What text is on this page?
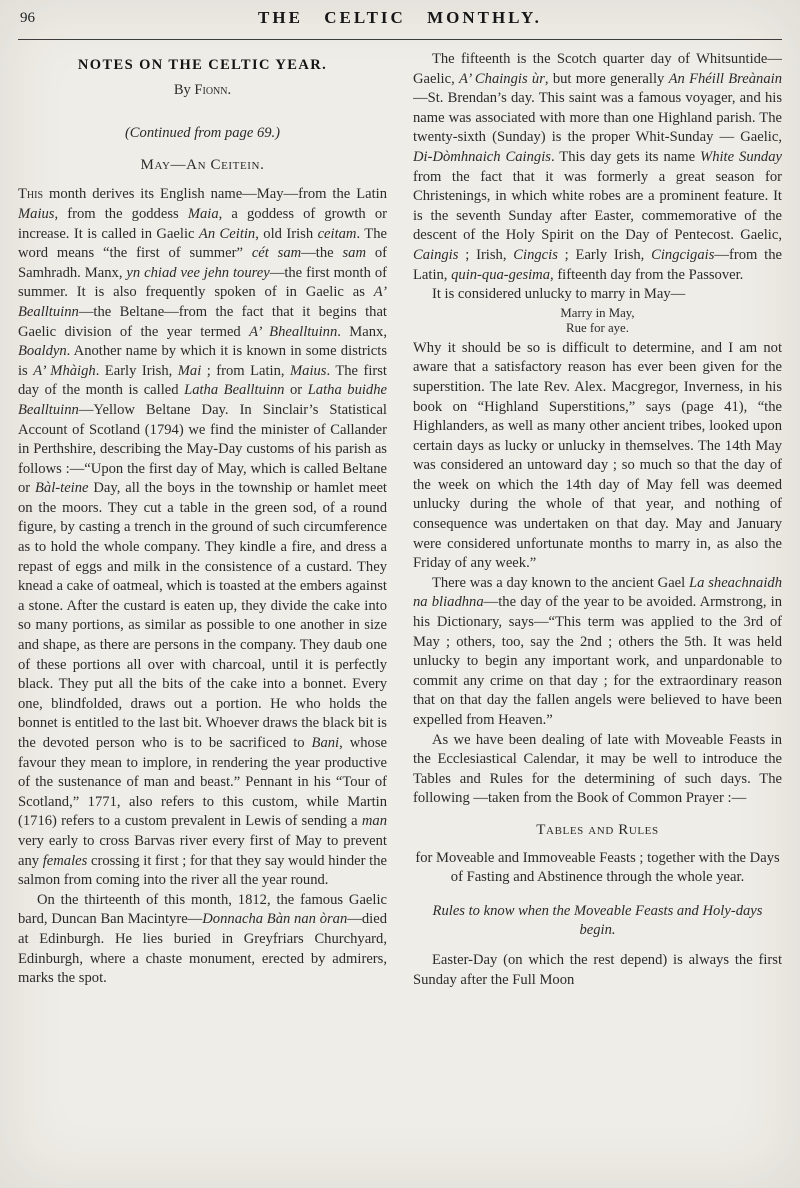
96	THE CELTIC MONTHLY.
NOTES ON THE CELTIC YEAR.
By Fionn.
(Continued from page 69.)
May—An Ceitein.

This month derives its English name—May—from the Latin Maius, from the goddess Maia, a goddess of growth or increase. It is called in Gaelic An Ceitin, old Irish ceitam. The word means “the first of summer” cét sam—the sam of Samhradh. Manx, yn chiad vee jehn tourey—the first month of summer. It is also frequently spoken of in Gaelic as A’ Bealltuinn—the Beltane—from the fact that it begins that Gaelic division of the year termed A’ Bhealltuinn. Manx, Boaldyn. Another name by which it is known in some districts is A’ Mhàigh. Early Irish, Mai ; from Latin, Maius. The first day of the month is called Latha Bealltuinn or Latha buidhe Bealltuinn—Yellow Beltane Day. In Sinclair’s Statistical Account of Scotland (1794) we find the minister of Callander in Perthshire, describing the May-Day customs of his parish as follows :—“Upon the first day of May, which is called Beltane or Bàl-teine Day, all the boys in the township or hamlet meet on the moors. They cut a table in the green sod, of a round figure, by casting a trench in the ground of such circumference as to hold the whole company. They kindle a fire, and dress a repast of eggs and milk in the consistence of a custard. They knead a cake of oatmeal, which is toasted at the embers against a stone. After the custard is eaten up, they divide the cake into so many portions, as similar as possible to one another in size and shape, as there are persons in the company. They daub one of these portions all over with charcoal, until it is perfectly black. They put all the bits of the cake into a bonnet. Every one, blindfolded, draws out a portion. He who holds the bonnet is entitled to the last bit. Whoever draws the black bit is the devoted person who is to be sacrificed to Bani, whose favour they mean to implore, in rendering the year productive of the sustenance of man and beast.” Pennant in his “Tour of Scotland,” 1771, also refers to this custom, while Martin (1716) refers to a custom prevalent in Lewis of sending a man very early to cross Barvas river every first of May to prevent any females crossing it first ; for that they say would hinder the salmon from coming into the river all the year round.

On the thirteenth of this month, 1812, the famous Gaelic bard, Duncan Ban Macintyre—Donnacha Bàn nan òran—died at Edinburgh. He lies buried in Greyfriars Churchyard, Edinburgh, where a chaste monument, erected by admirers, marks the spot.

The fifteenth is the Scotch quarter day of Whitsuntide—Gaelic, A’ Chaingis ùr, but more generally An Fhéill Breànain—St. Brendan’s day. This saint was a famous voyager, and his name was associated with more than one Highland parish. The twenty-sixth (Sunday) is the proper Whit-Sunday — Gaelic, Di-Dòmhnaich Caingis. This day gets its name White Sunday from the fact that it was formerly a great season for Christenings, in which white robes are a prominent feature. It is the seventh Sunday after Easter, commemorative of the descent of the Holy Spirit on the Day of Pentecost. Gaelic, Caingis ; Irish, Cingcis ; Early Irish, Cingcigais—from the Latin, quin-qua-gesima, fifteenth day from the Passover.

It is considered unlucky to marry in May—

Marry in May,
Rue for aye.

Why it should be so is difficult to determine, and I am not aware that a satisfactory reason has ever been given for the superstition. The late Rev. Alex. Macgregor, Inverness, in his book on “Highland Superstitions,” says (page 41), “the Highlanders, as well as many other ancient tribes, looked upon certain days as lucky or unlucky in themselves. The 14th May was considered an untoward day ; so much so that the day of the week on which the 14th day of May fell was deemed unlucky during the whole of that year, and nothing of consequence was undertaken on that day. May and January were considered unfortunate months to marry in, as also the Friday of any week.”

There was a day known to the ancient Gael La sheachnaidh na bliadhna—the day of the year to be avoided. Armstrong, in his Dictionary, says—“This term was applied to the 3rd of May ; others, too, say the 2nd ; others the 5th. It was held unlucky to begin any important work, and unpardonable to commit any crime on that day ; for the extraordinary reason that on that day the fallen angels were believed to have been expelled from Heaven.”

As we have been dealing of late with Moveable Feasts in the Ecclesiastical Calendar, it may be well to introduce the Tables and Rules for the determining of such days. The following —taken from the Book of Common Prayer :—

Tables and Rules
for Moveable and Immoveable Feasts ; together with the Days of Fasting and Abstinence through the whole year.
Rules to know when the Moveable Feasts and Holy-days begin.

Easter-Day (on which the rest depend) is always the first Sunday after the Full Moon
